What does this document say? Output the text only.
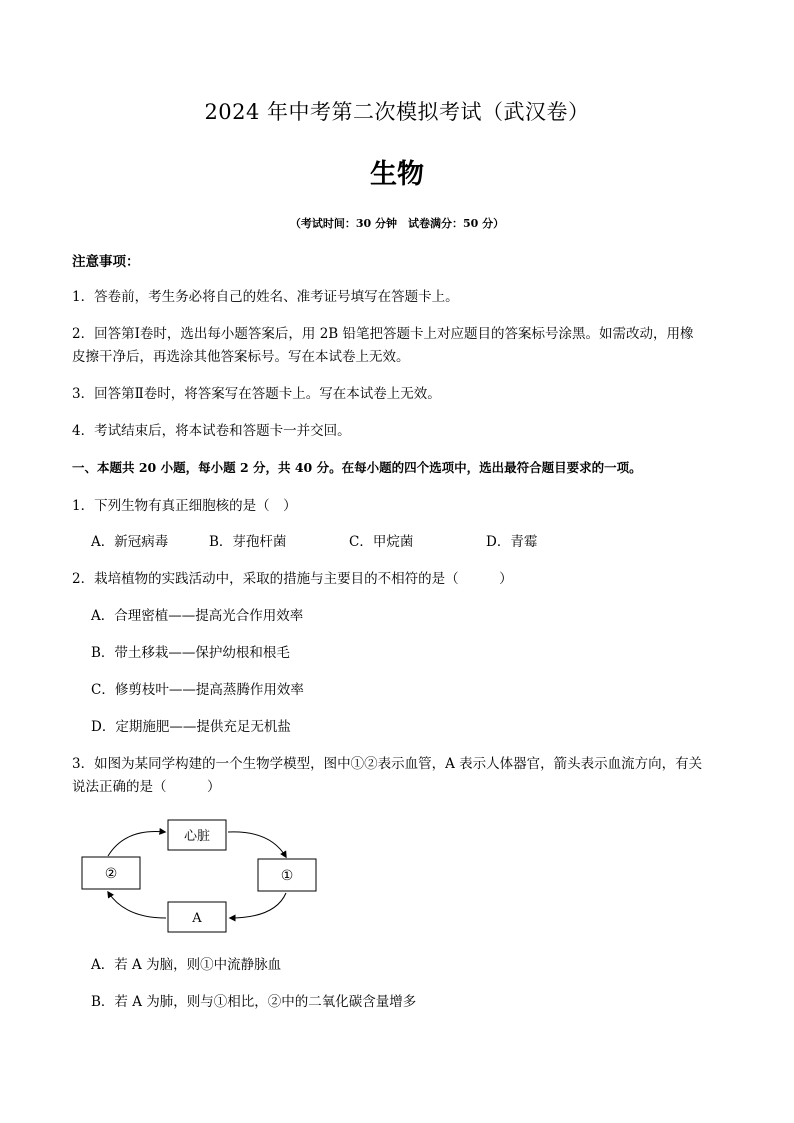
2024 年中考第二次模拟考试（武汉卷）
生物
（考试时间：30 分钟　试卷满分：50 分）
注意事项：
1．答卷前，考生务必将自己的姓名、准考证号填写在答题卡上。
2．回答第Ⅰ卷时，选出每小题答案后，用 2B 铅笔把答题卡上对应题目的答案标号涂黑。如需改动，用橡
皮擦干净后，再选涂其他答案标号。写在本试卷上无效。
3．回答第Ⅱ卷时，将答案写在答题卡上。写在本试卷上无效。
4．考试结束后，将本试卷和答题卡一并交回。
一、本题共 20 小题，每小题 2 分，共 40 分。在每小题的四个选项中，选出最符合题目要求的一项。
1．下列生物有真正细胞核的是（　）
A．新冠病毒	B．芽孢杆菌	C．甲烷菌	D．青霉
2．栽培植物的实践活动中，采取的措施与主要目的不相符的是（　　　）
A．合理密植——提高光合作用效率
B．带土移栽——保护幼根和根毛
C．修剪枝叶——提高蒸腾作用效率
D．定期施肥——提供充足无机盐
3．如图为某同学构建的一个生物学模型，图中①②表示血管，A 表示人体器官，箭头表示血流方向，有关
说法正确的是（　　　）
心脏
②	①
A
A．若 A 为脑，则①中流静脉血
B．若 A 为肺，则与①相比，②中的二氧化碳含量增多
